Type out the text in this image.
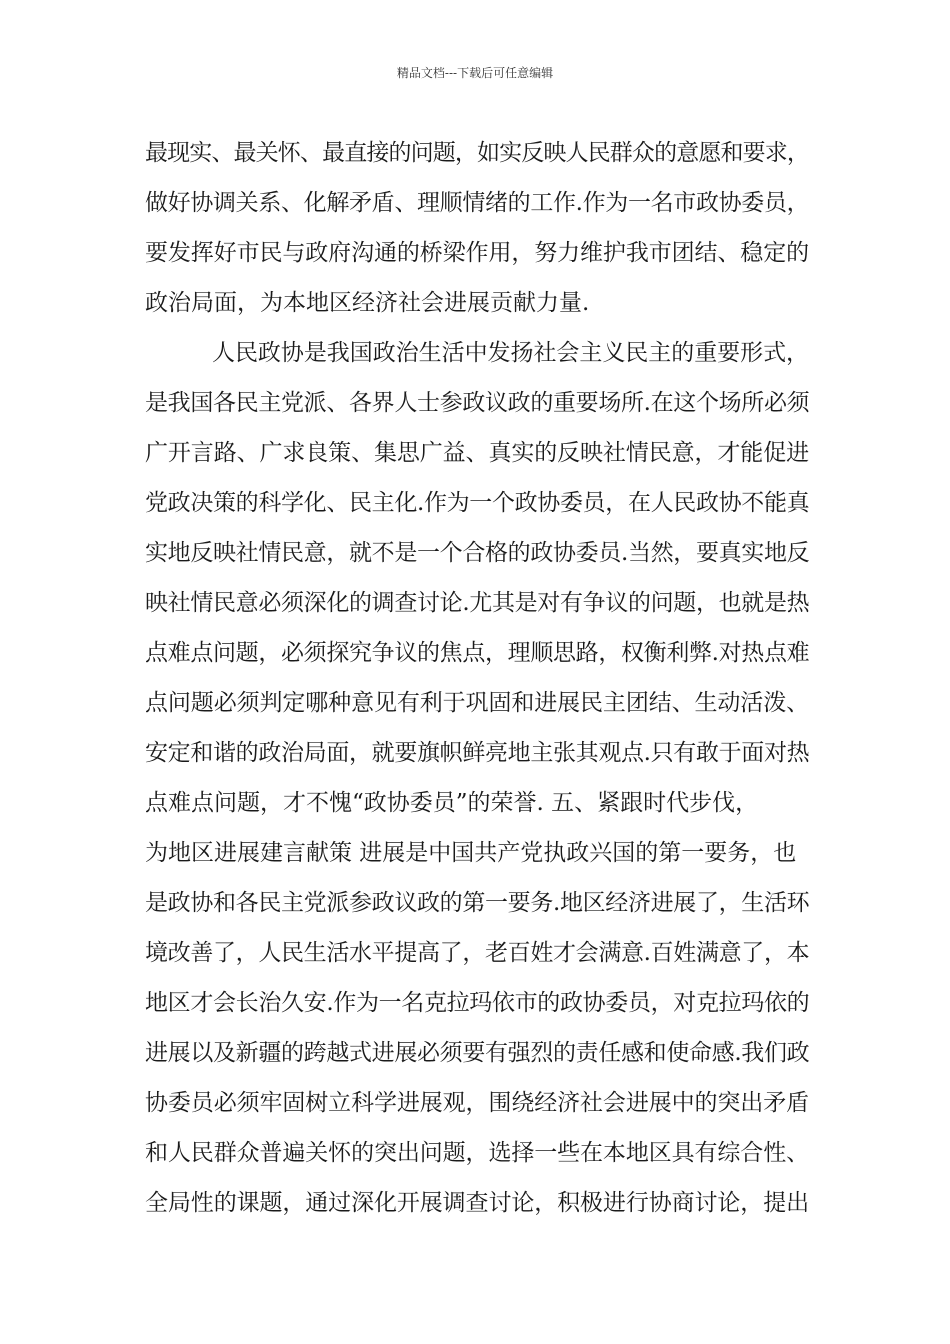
精品文档---下载后可任意编辑
最现实、最关怀、最直接的问题，如实反映人民群众的意愿和要求，
做好协调关系、化解矛盾、理顺情绪的工作.作为一名市政协委员，
要发挥好市民与政府沟通的桥梁作用，努力维护我市团结、稳定的
政治局面，为本地区经济社会进展贡献力量.
人民政协是我国政治生活中发扬社会主义民主的重要形式，
是我国各民主党派、各界人士参政议政的重要场所.在这个场所必须
广开言路、广求良策、集思广益、真实的反映社情民意，才能促进
党政决策的科学化、民主化.作为一个政协委员，在人民政协不能真
实地反映社情民意，就不是一个合格的政协委员.当然，要真实地反
映社情民意必须深化的调查讨论.尤其是对有争议的问题，也就是热
点难点问题，必须探究争议的焦点，理顺思路，权衡利弊.对热点难
点问题必须判定哪种意见有利于巩固和进展民主团结、生动活泼、
安定和谐的政治局面，就要旗帜鲜亮地主张其观点.只有敢于面对热
点难点问题，才不愧“政协委员”的荣誉. 五、紧跟时代步伐，
为地区进展建言献策 进展是中国共产党执政兴国的第一要务，也
是政协和各民主党派参政议政的第一要务.地区经济进展了，生活环
境改善了，人民生活水平提高了，老百姓才会满意.百姓满意了，本
地区才会长治久安.作为一名克拉玛依市的政协委员，对克拉玛依的
进展以及新疆的跨越式进展必须要有强烈的责任感和使命感.我们政
协委员必须牢固树立科学进展观，围绕经济社会进展中的突出矛盾
和人民群众普遍关怀的突出问题，选择一些在本地区具有综合性、
全局性的课题，通过深化开展调查讨论，积极进行协商讨论，提出
